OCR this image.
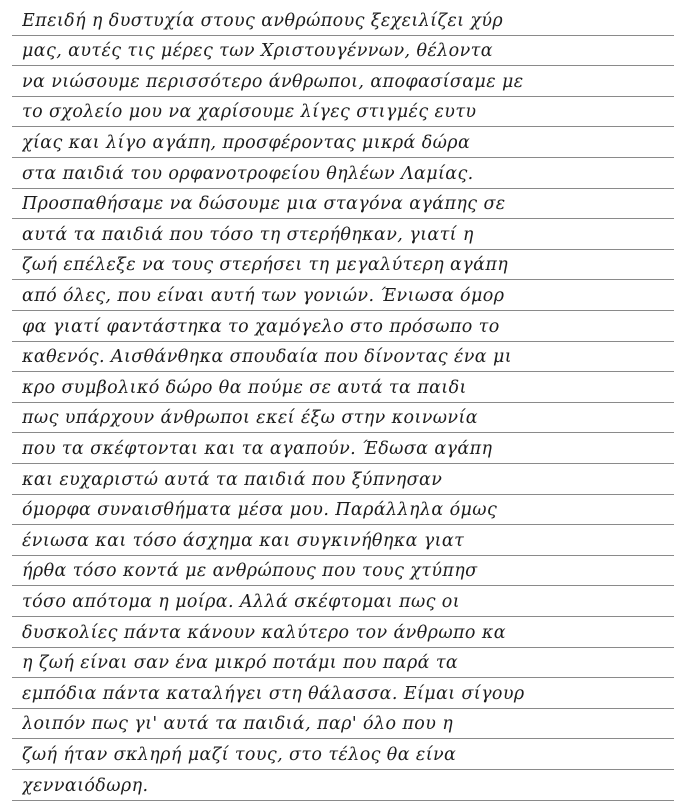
Επειδή η δυστυχία στους ανθρώπους ξεχειλίζει χύρ
μας, αυτές τις μέρες των Χριστουγέννων, θέλοντα
να νιώσουμε περισσότερο άνθρωποι, αποφασίσαμε με
το σχολείο μου να χαρίσουμε λίγες στιγμές ευτυ
χίας και λίγο αγάπη, προσφέροντας μικρά δώρα
στα παιδιά του ορφανοτροφείου θηλέων Λαμίας.
Προσπαθήσαμε να δώσουμε μια σταγόνα αγάπης σε
αυτά τα παιδιά που τόσο τη στερήθηκαν, γιατί η
ζωή επέλεξε να τους στερήσει τη μεγαλύτερη αγάπη
από όλες, που είναι αυτή των γονιών. Ένιωσα όμορ
φα γιατί φαντάστηκα το χαμόγελο στο πρόσωπο το
καθενός. Αισθάνθηκα σπουδαία που δίνοντας ένα μι
κρο συμβολικό δώρο θα πούμε σε αυτά τα παιδι
πως υπάρχουν άνθρωποι εκεί έξω στην κοινωνία
που τα σκέφτονται και τα αγαπούν. Έδωσα αγάπη
και ευχαριστώ αυτά τα παιδιά που ξύπνησαν
όμορφα συναισθήματα μέσα μου. Παράλληλα όμως
ένιωσα και τόσο άσχημα και συγκινήθηκα γιατ
ήρθα τόσο κοντά με ανθρώπους που τους χτύπησ
τόσο απότομα η μοίρα. Αλλά σκέφτομαι πως οι
δυσκολίες πάντα κάνουν καλύτερο τον άνθρωπο κα
η ζωή είναι σαν ένα μικρό ποτάμι που παρά τα
εμπόδια πάντα καταλήγει στη θάλασσα. Είμαι σίγουρ
λοιπόν πως γι' αυτά τα παιδιά, παρ' όλο που η
ζωή ήταν σκληρή μαζί τους, στο τέλος θα είνα
χενναιόδωρη.
